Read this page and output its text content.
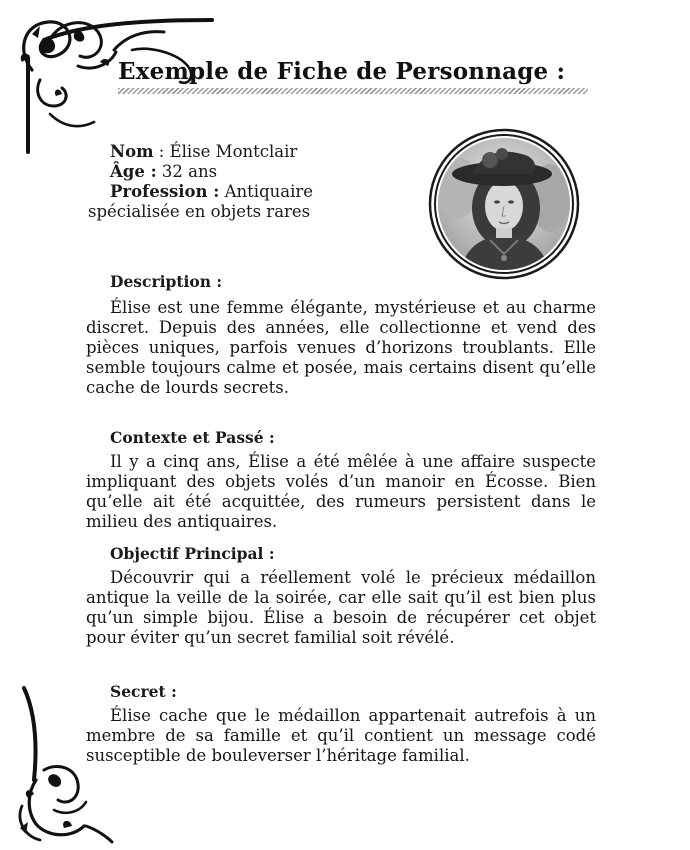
Exemple de Fiche de Personnage :
Nom : Élise Montclair
Âge : 32 ans
Profession : Antiquaire
spécialisée en objets rares
Description :

Élise est une femme élégante, mystérieuse et au charme discret. Depuis des années, elle collectionne et vend des pièces uniques, parfois venues d’horizons troublants. Elle semble toujours calme et posée, mais certains disent qu’elle cache de lourds secrets.

Contexte et Passé :

Il y a cinq ans, Élise a été mêlée à une affaire suspecte impliquant des objets volés d’un manoir en Écosse. Bien qu’elle ait été acquittée, des rumeurs persistent dans le milieu des antiquaires.

Objectif Principal :

Découvrir qui a réellement volé le précieux médaillon antique la veille de la soirée, car elle sait qu’il est bien plus qu’un simple bijou. Élise a besoin de récupérer cet objet pour éviter qu’un secret familial soit révélé.

Secret :

Élise cache que le médaillon appartenait autrefois à un membre de sa famille et qu’il contient un message codé susceptible de bouleverser l’héritage familial.
